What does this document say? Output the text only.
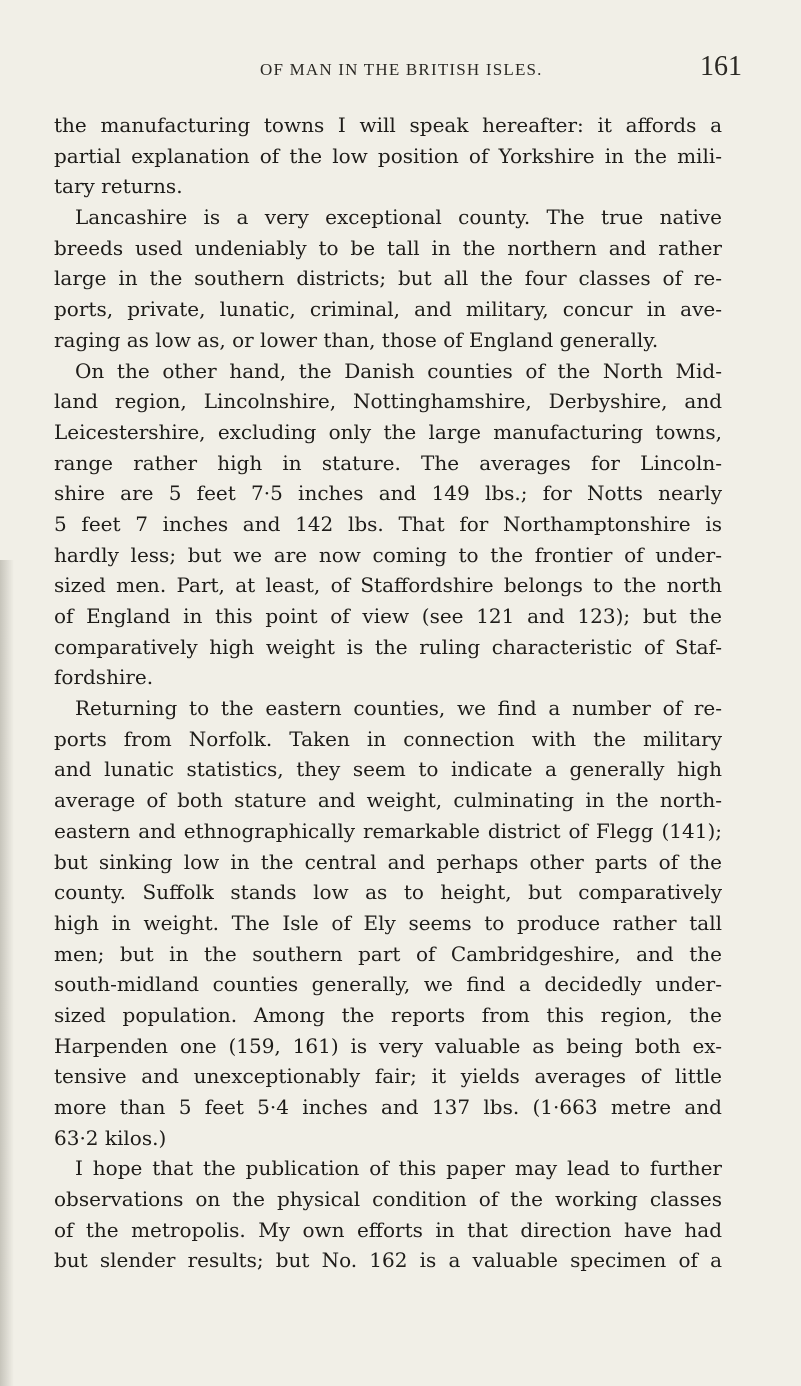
OF MAN IN THE BRITISH ISLES.	161
the manufacturing towns I will speak hereafter: it affords a
partial explanation of the low position of Yorkshire in the mili-
tary returns.
Lancashire is a very exceptional county. The true native
breeds used undeniably to be tall in the northern and rather
large in the southern districts; but all the four classes of re-
ports, private, lunatic, criminal, and military, concur in ave-
raging as low as, or lower than, those of England generally.
On the other hand, the Danish counties of the North Mid-
land region, Lincolnshire, Nottinghamshire, Derbyshire, and
Leicestershire, excluding only the large manufacturing towns,
range rather high in stature. The averages for Lincoln-
shire are 5 feet 7·5 inches and 149 lbs.; for Notts nearly
5 feet 7 inches and 142 lbs. That for Northamptonshire is
hardly less; but we are now coming to the frontier of under-
sized men. Part, at least, of Staffordshire belongs to the north
of England in this point of view (see 121 and 123); but the
comparatively high weight is the ruling characteristic of Staf-
fordshire.
Returning to the eastern counties, we find a number of re-
ports from Norfolk. Taken in connection with the military
and lunatic statistics, they seem to indicate a generally high
average of both stature and weight, culminating in the north-
eastern and ethnographically remarkable district of Flegg (141);
but sinking low in the central and perhaps other parts of the
county. Suffolk stands low as to height, but comparatively
high in weight. The Isle of Ely seems to produce rather tall
men; but in the southern part of Cambridgeshire, and the
south-midland counties generally, we find a decidedly under-
sized population. Among the reports from this region, the
Harpenden one (159, 161) is very valuable as being both ex-
tensive and unexceptionably fair; it yields averages of little
more than 5 feet 5·4 inches and 137 lbs. (1·663 metre and
63·2 kilos.)
I hope that the publication of this paper may lead to further
observations on the physical condition of the working classes
of the metropolis. My own efforts in that direction have had
but slender results; but No. 162 is a valuable specimen of a
